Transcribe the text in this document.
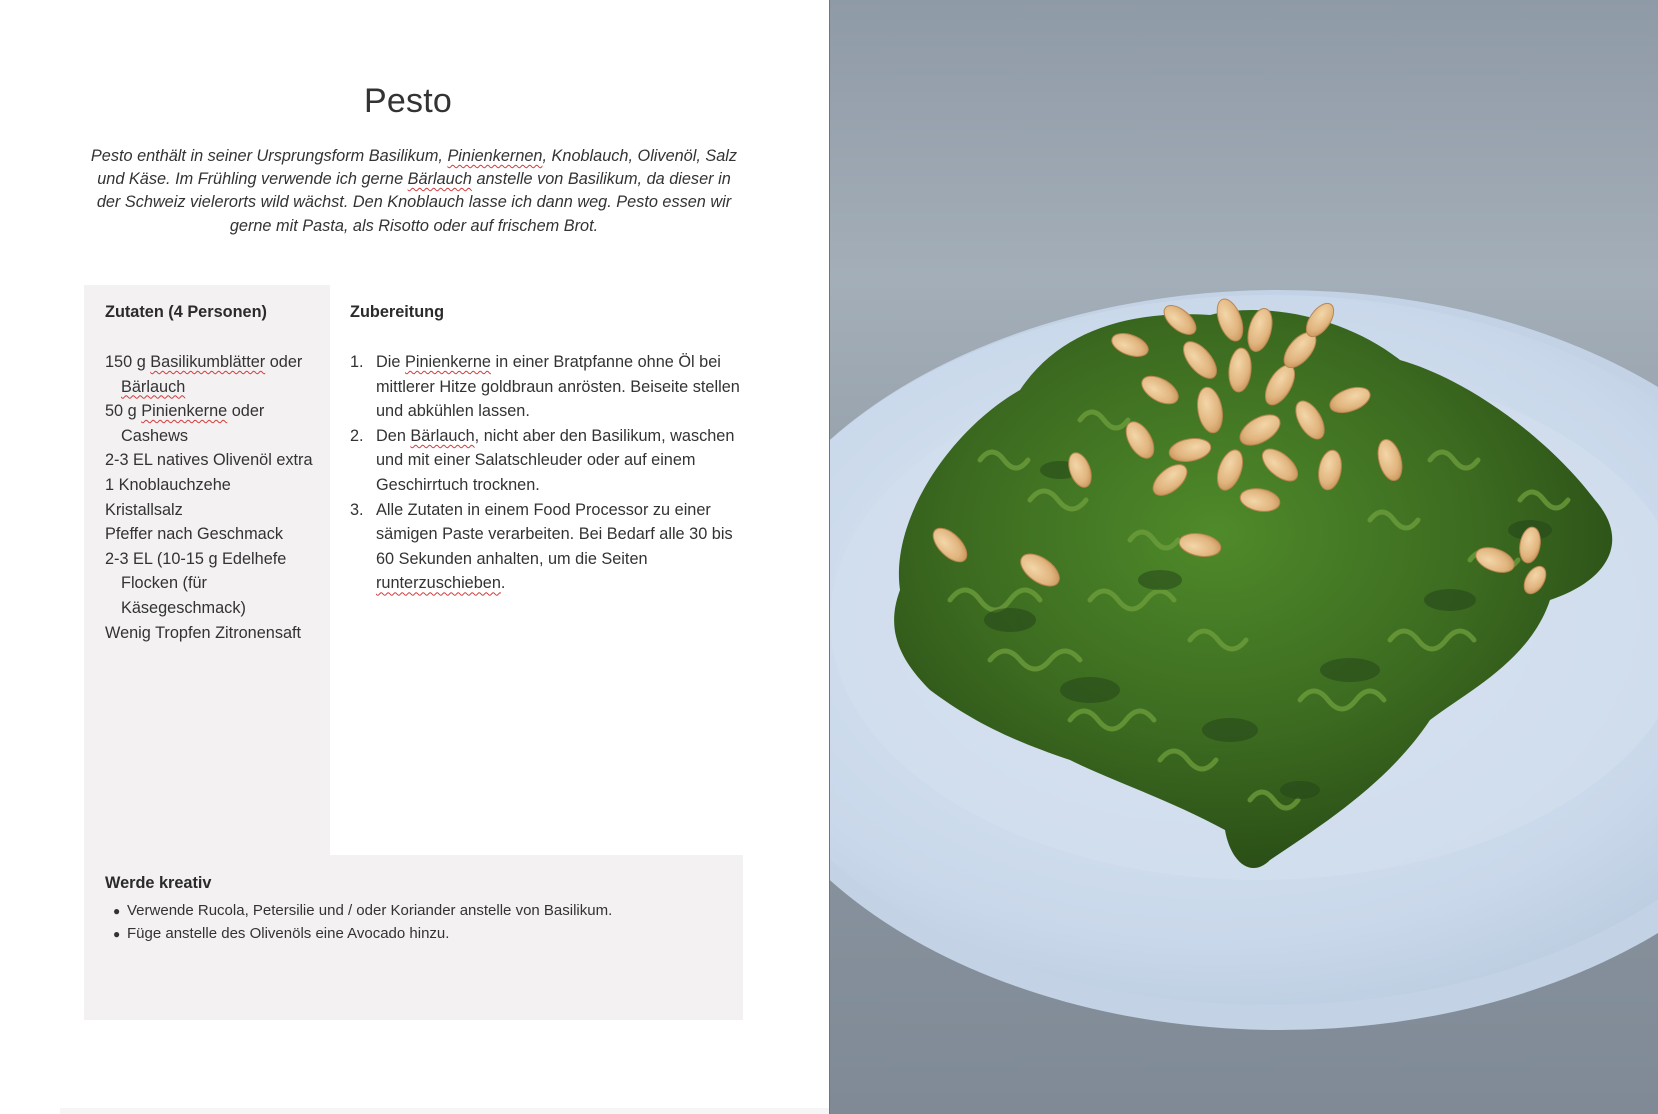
Pesto

Pesto enthält in seiner Ursprungsform Basilikum, Pinienkernen, Knoblauch, Olivenöl, Salz und Käse. Im Frühling verwende ich gerne Bärlauch anstelle von Basilikum, da dieser in der Schweiz vielerorts wild wächst. Den Knoblauch lasse ich dann weg. Pesto essen wir gerne mit Pasta, als Risotto oder auf frischem Brot.

Zutaten (4 Personen)
150 g Basilikumblätter oder Bärlauch
50 g Pinienkerne oder Cashews
2-3 EL natives Olivenöl extra
1 Knoblauchzehe
Kristallsalz
Pfeffer nach Geschmack
2-3 EL (10-15 g Edelhefe Flocken (für Käsegeschmack)
Wenig Tropfen Zitronensaft
Zubereitung
1. Die Pinienkerne in einer Bratpfanne ohne Öl bei mittlerer Hitze goldbraun anrösten. Beiseite stellen und abkühlen lassen.
2. Den Bärlauch, nicht aber den Basilikum, waschen und mit einer Salatschleuder oder auf einem Geschirrtuch trocknen.
3. Alle Zutaten in einem Food Processor zu einer sämigen Paste verarbeiten. Bei Bedarf alle 30 bis 60 Sekunden anhalten, um die Seiten runterzuschieben.
Werde kreativ
● Verwende Rucola, Petersilie und / oder Koriander anstelle von Basilikum.
● Füge anstelle des Olivenöls eine Avocado hinzu.
